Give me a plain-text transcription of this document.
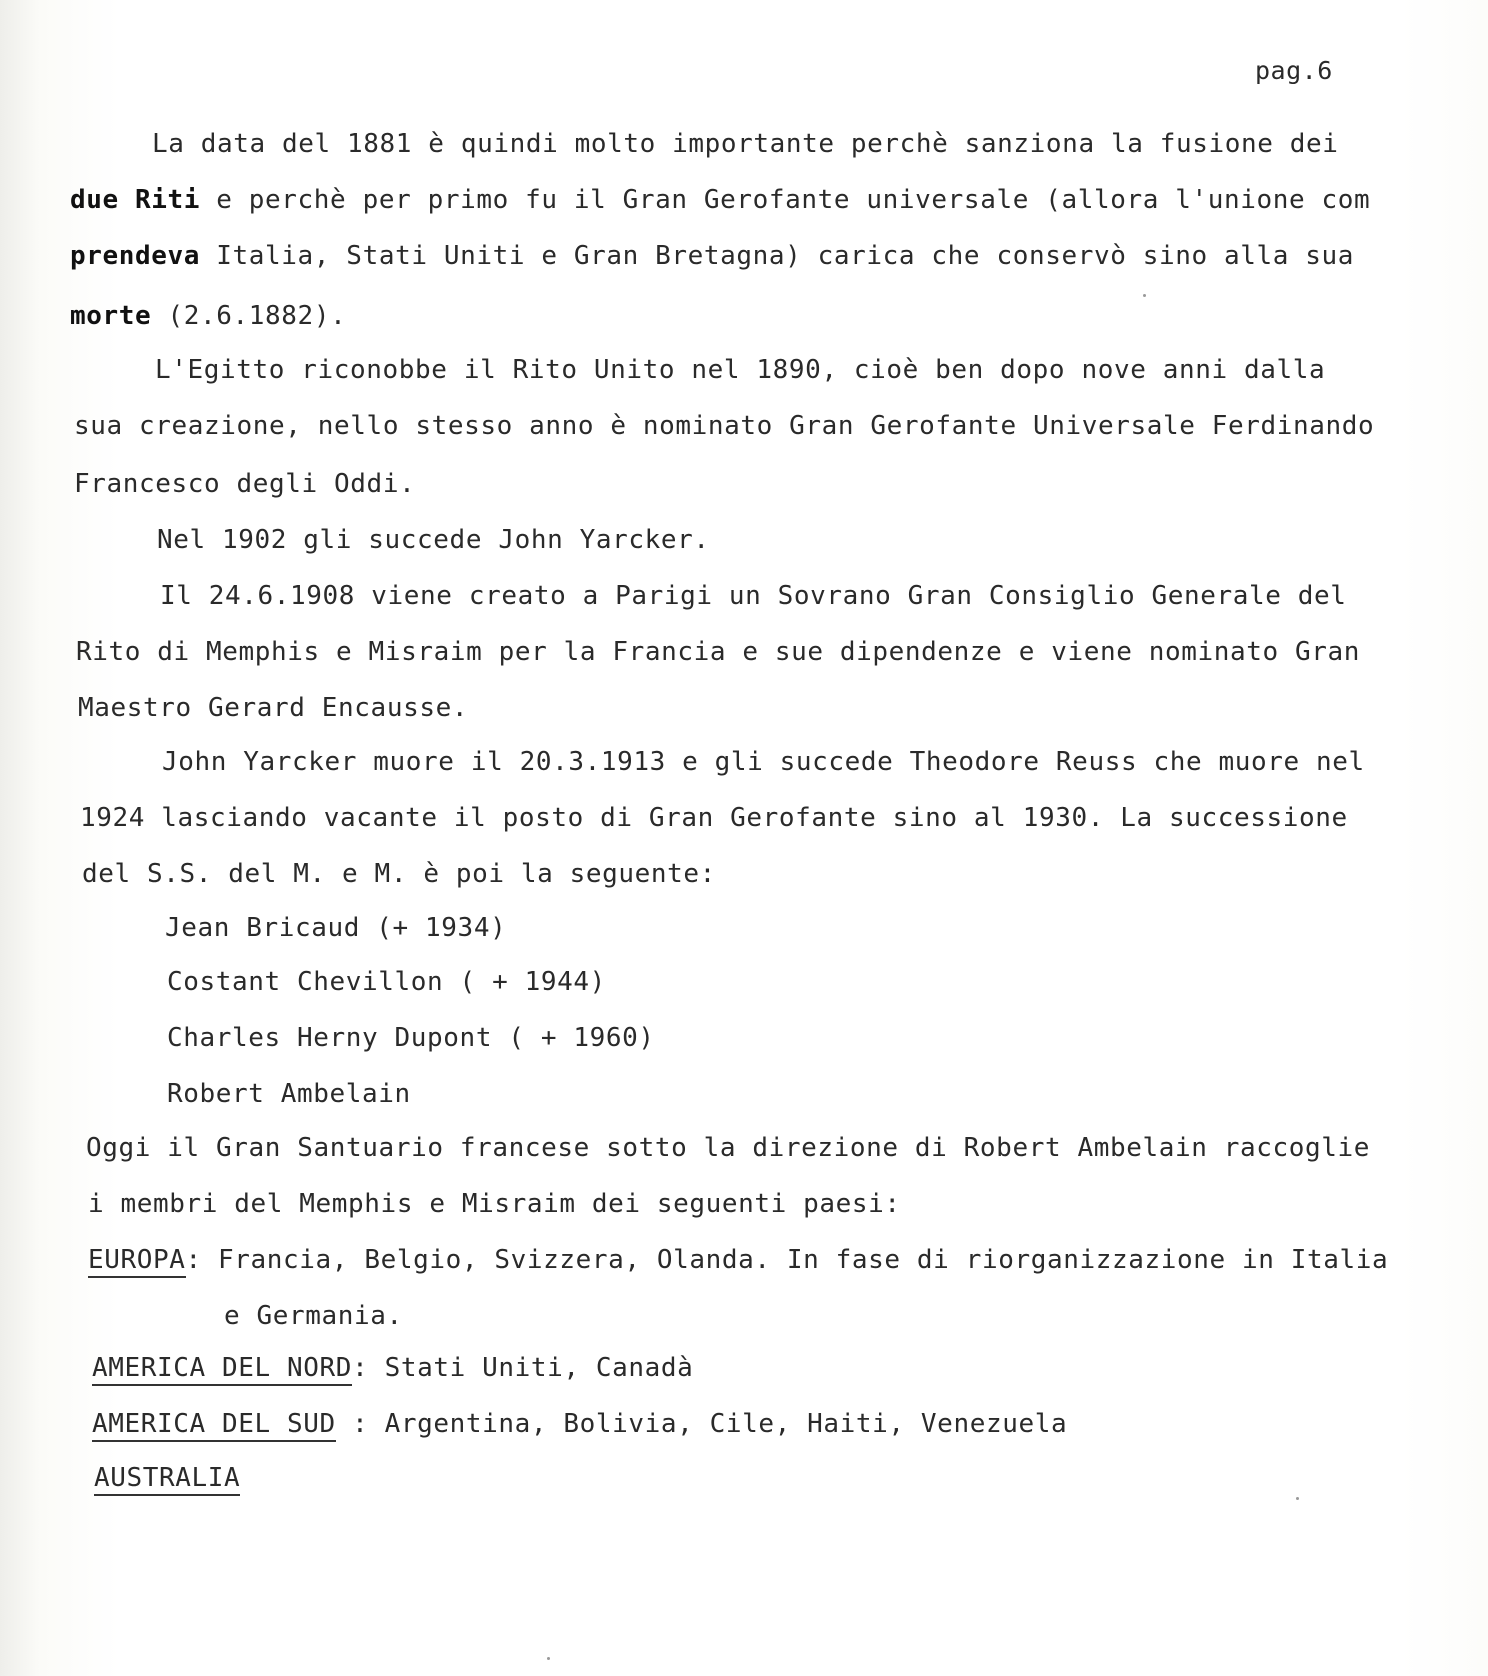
pag.6
La data del 1881 è quindi molto importante perchè sanziona la fusione dei
due Riti e perchè per primo fu il Gran Gerofante universale (allora l'unione com
prendeva Italia, Stati Uniti e Gran Bretagna) carica che conservò sino alla sua
morte (2.6.1882).
L'Egitto riconobbe il Rito Unito nel 1890, cioè ben dopo nove anni dalla
sua creazione, nello stesso anno è nominato Gran Gerofante Universale Ferdinando
Francesco degli Oddi.
Nel 1902 gli succede John Yarcker.
Il 24.6.1908 viene creato a Parigi un Sovrano Gran Consiglio Generale del
Rito di Memphis e Misraim per la Francia e sue dipendenze e viene nominato Gran
Maestro Gerard Encausse.
John Yarcker muore il 20.3.1913 e gli succede Theodore Reuss che muore nel
1924 lasciando vacante il posto di Gran Gerofante sino al 1930. La successione
del S.S. del M. e M. è poi la seguente:
Jean Bricaud (+ 1934)
Costant Chevillon ( + 1944)
Charles Herny Dupont ( + 1960)
Robert Ambelain
Oggi il Gran Santuario francese sotto la direzione di Robert Ambelain raccoglie
i membri del Memphis e Misraim dei seguenti paesi:
EUROPA: Francia, Belgio, Svizzera, Olanda. In fase di riorganizzazione in Italia
e Germania.
AMERICA DEL NORD: Stati Uniti, Canadà
AMERICA DEL SUD : Argentina, Bolivia, Cile, Haiti, Venezuela
AUSTRALIA
